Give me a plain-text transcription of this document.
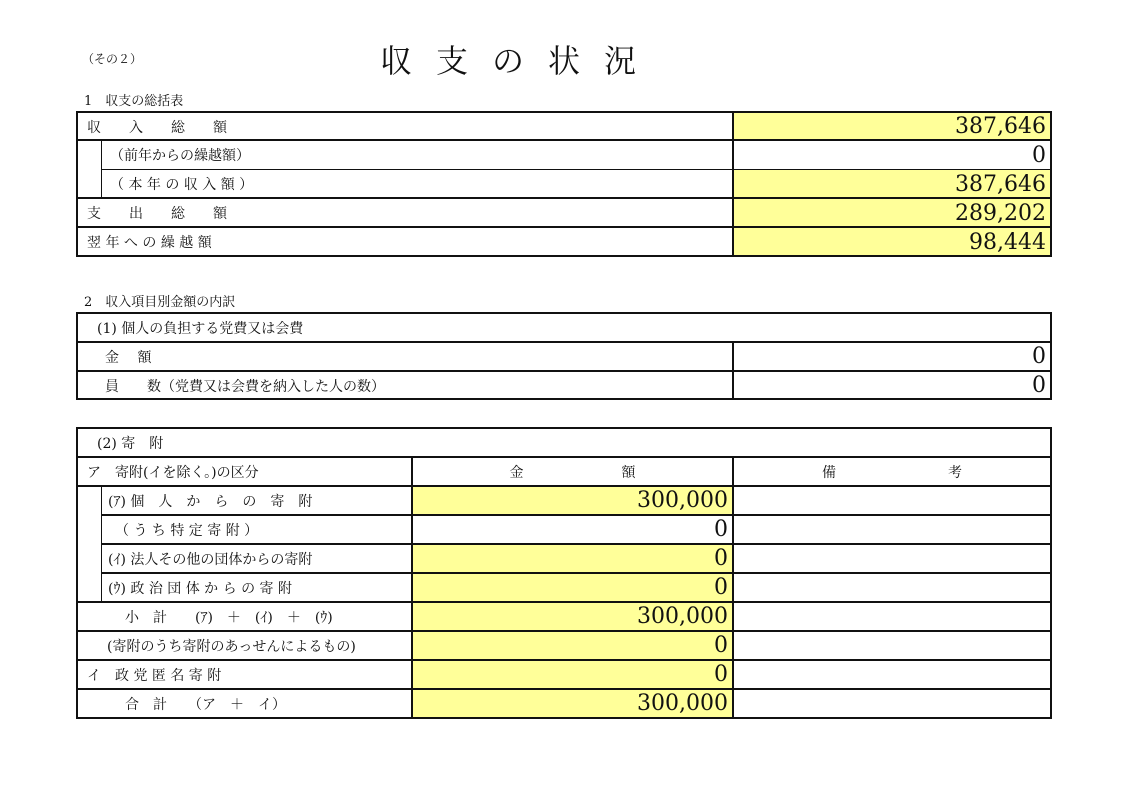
（その２）	収支の状況
1　収支の総括表
収　　入　　総　　額	387,646
（前年からの繰越額）	0
（ 本 年 の 収 入 額 ）	387,646
支　　出　　総　　額	289,202
翌 年 へ の 繰 越 額	98,444
2　収入項目別金額の内訳
(1) 個人の負担する党費又は会費
金　 額	0
員　　数（党費又は会費を納入した人の数）	0
(2) 寄　附
ア　寄附(イを除く。)の区分	金　　　　　　　額	備　　　　　　　　考
(ｱ) 個　人　か　ら　の　寄　附	300,000
　（ う ち 特 定 寄 附 ）	0
(ｲ) 法人その他の団体からの寄附	0
(ｳ) 政 治 団 体 か ら の 寄 附	0
小　計　　(ｱ)　＋　(ｲ)　＋　(ｳ)	300,000
(寄附のうち寄附のあっせんによるもの)	0
イ　政 党 匿 名 寄 附	0
合　計　　（ア　＋　イ）	300,000
